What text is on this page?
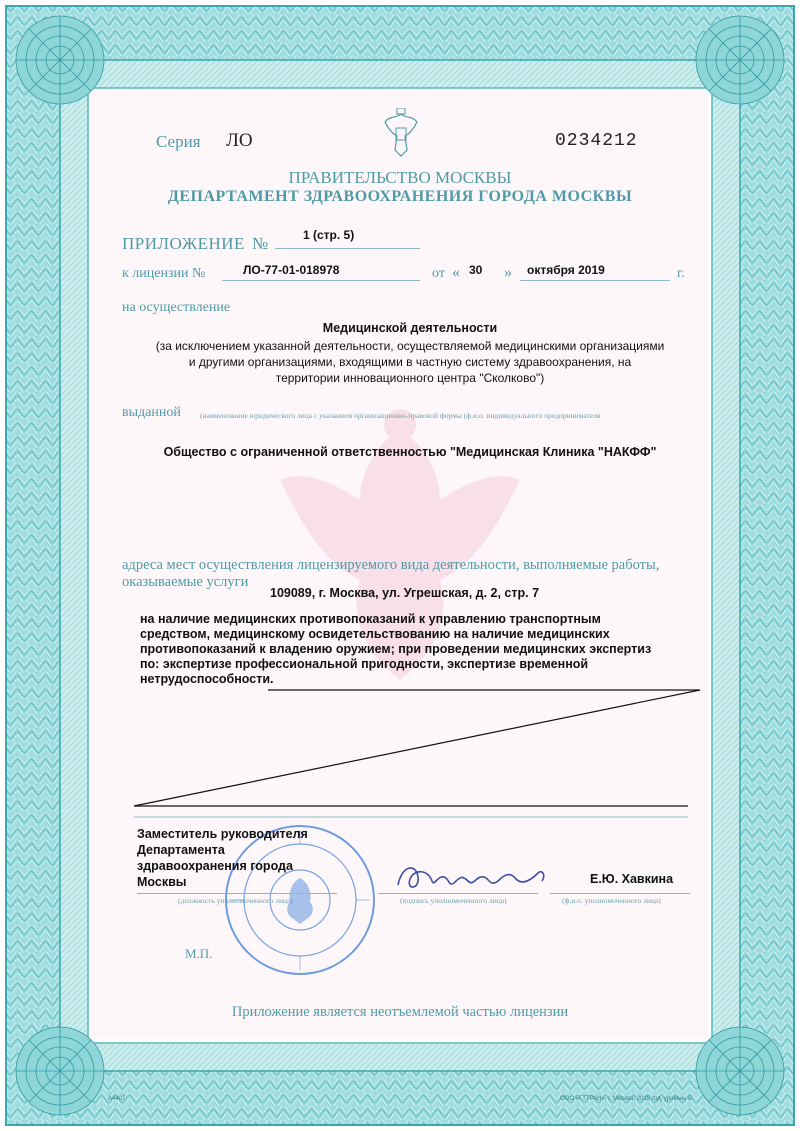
Серия ЛО	0234212
ПРАВИТЕЛЬСТВО МОСКВЫ
ДЕПАРТАМЕНТ ЗДРАВООХРАНЕНИЯ ГОРОДА МОСКВЫ
ПРИЛОЖЕНИЕ №	1 (стр. 5)
к лицензии №	ЛО-77-01-018978	от « 30 » октября 2019	г.
на осуществление
Медицинской деятельности
(за исключением указанной деятельности, осуществляемой медицинскими организациями
и другими организациями, входящими в частную систему здравоохранения, на
территории инновационного центра "Сколково")
выданной	(наименование юридического лица с указанием организационно-правовой формы (ф.и.о. индивидуального предпринимателя
Общество с ограниченной ответственностью "Медицинская Клиника "НАКФФ"
адреса мест осуществления лицензируемого вида деятельности, выполняемые работы,
оказываемые услуги
109089, г. Москва, ул. Угрешская, д. 2, стр. 7
на наличие медицинских противопоказаний к управлению транспортным
средством, медицинскому освидетельствованию на наличие медицинских
противопоказаний к владению оружием; при проведении медицинских экспертиз
по: экспертизе профессиональной пригодности, экспертизе временной
нетрудоспособности.
Заместитель руководителя
Департамента
здравоохранения города
Москвы
(должность уполномоченного лица)	(подпись уполномоченного лица)
Е.Ю. Хавкина
(ф.и.о. уполномоченного лица)
М.П.
Приложение является неотъемлемой частью лицензии
А4407	ООО «ГТТРАН», г. Москва, 2015 год, уровень Б
